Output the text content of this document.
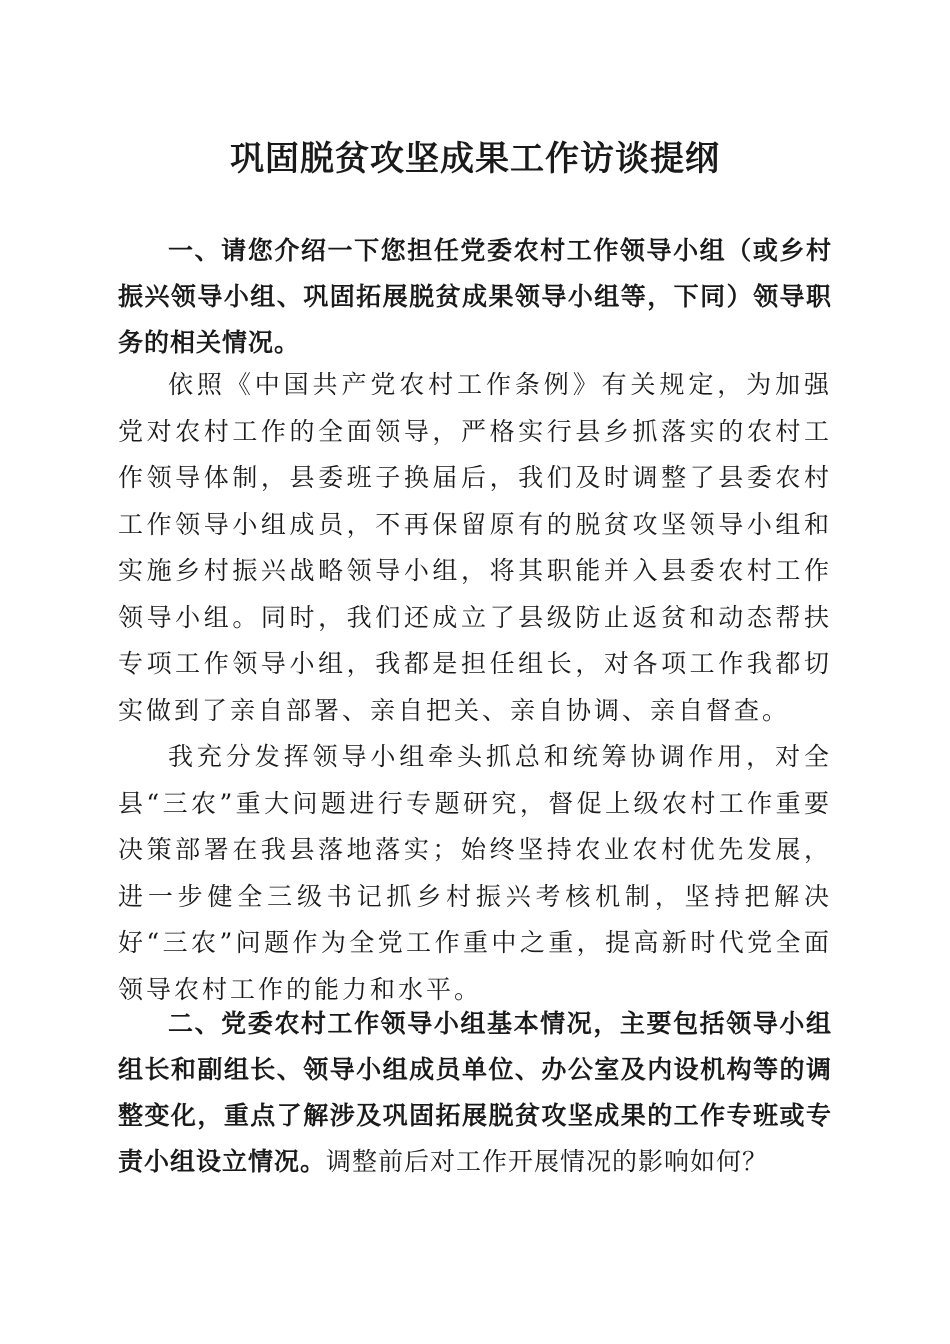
巩固脱贫攻坚成果工作访谈提纲

一、请您介绍一下您担任党委农村工作领导小组（或乡村振兴领导小组、巩固拓展脱贫成果领导小组等，下同）领导职务的相关情况。

依照《中国共产党农村工作条例》有关规定，为加强党对农村工作的全面领导，严格实行县乡抓落实的农村工作领导体制，县委班子换届后，我们及时调整了县委农村工作领导小组成员，不再保留原有的脱贫攻坚领导小组和实施乡村振兴战略领导小组，将其职能并入县委农村工作领导小组。同时，我们还成立了县级防止返贫和动态帮扶专项工作领导小组，我都是担任组长，对各项工作我都切实做到了亲自部署、亲自把关、亲自协调、亲自督查。

我充分发挥领导小组牵头抓总和统筹协调作用，对全县“三农”重大问题进行专题研究，督促上级农村工作重要决策部署在我县落地落实；始终坚持农业农村优先发展，进一步健全三级书记抓乡村振兴考核机制，坚持把解决好“三农”问题作为全党工作重中之重，提高新时代党全面领导农村工作的能力和水平。

二、党委农村工作领导小组基本情况，主要包括领导小组组长和副组长、领导小组成员单位、办公室及内设机构等的调整变化，重点了解涉及巩固拓展脱贫攻坚成果的工作专班或专责小组设立情况。调整前后对工作开展情况的影响如何？
